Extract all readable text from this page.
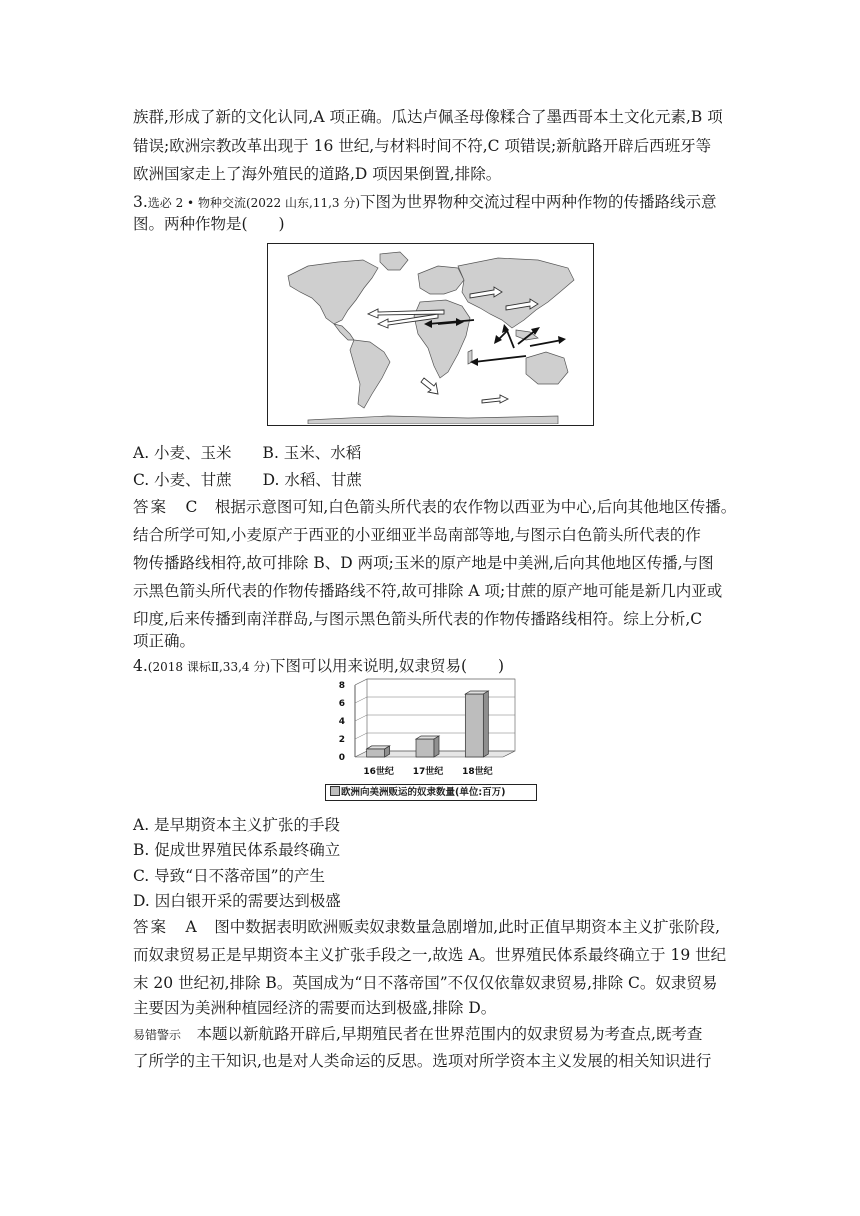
族群,形成了新的文化认同,A 项正确。瓜达卢佩圣母像糅合了墨西哥本土文化元素,B 项
错误;欧洲宗教改革出现于 16 世纪,与材料时间不符,C 项错误;新航路开辟后西班牙等
欧洲国家走上了海外殖民的道路,D 项因果倒置,排除。
3.选必 2 • 物种交流(2022 山东,11,3 分)下图为世界物种交流过程中两种作物的传播路线示意
图。两种作物是(　　)
A. 小麦、玉米　　B. 玉米、水稻
C. 小麦、甘蔗　　D. 水稻、甘蔗
答案　C　根据示意图可知,白色箭头所代表的农作物以西亚为中心,后向其他地区传播。
结合所学可知,小麦原产于西亚的小亚细亚半岛南部等地,与图示白色箭头所代表的作
物传播路线相符,故可排除 B、D 两项;玉米的原产地是中美洲,后向其他地区传播,与图
示黑色箭头所代表的作物传播路线不符,故可排除 A 项;甘蔗的原产地可能是新几内亚或
印度,后来传播到南洋群岛,与图示黑色箭头所代表的作物传播路线相符。综上分析,C
项正确。
4.(2018 课标Ⅱ,33,4 分)下图可以用来说明,奴隶贸易(　　)
0
2
4
6
8
16世纪 17世纪 18世纪
欧洲向美洲贩运的奴隶数量(单位:百万)
A. 是早期资本主义扩张的手段
B. 促成世界殖民体系最终确立
C. 导致“日不落帝国”的产生
D. 因白银开采的需要达到极盛
答案　A　图中数据表明欧洲贩卖奴隶数量急剧增加,此时正值早期资本主义扩张阶段,
而奴隶贸易正是早期资本主义扩张手段之一,故选 A。世界殖民体系最终确立于 19 世纪
末 20 世纪初,排除 B。英国成为“日不落帝国”不仅仅依靠奴隶贸易,排除 C。奴隶贸易
主要因为美洲种植园经济的需要而达到极盛,排除 D。
易错警示　本题以新航路开辟后,早期殖民者在世界范围内的奴隶贸易为考查点,既考查
了所学的主干知识,也是对人类命运的反思。选项对所学资本主义发展的相关知识进行
